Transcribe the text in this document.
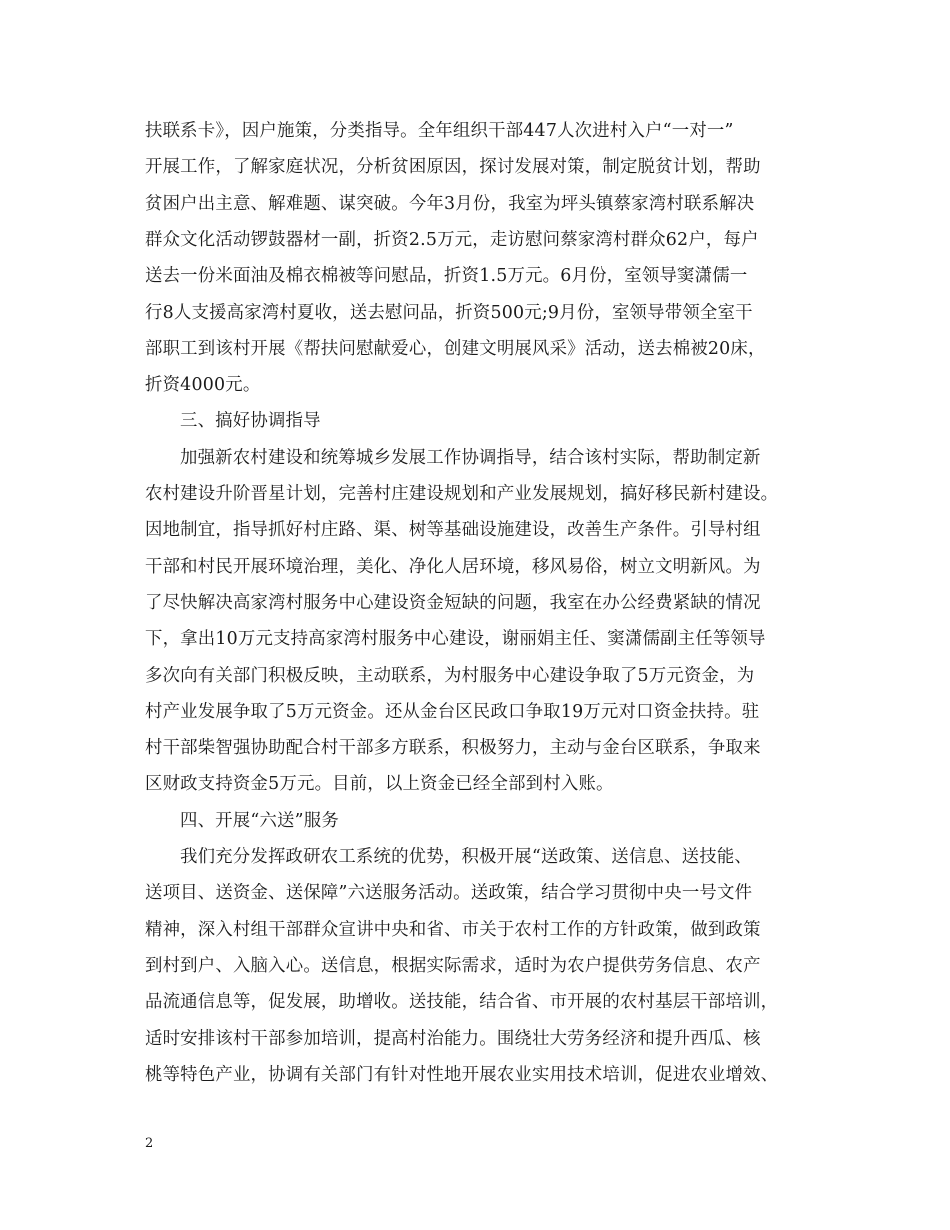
扶联系卡》，因户施策，分类指导。全年组织干部447人次进村入户“一对一”
开展工作，了解家庭状况，分析贫困原因，探讨发展对策，制定脱贫计划，帮助
贫困户出主意、解难题、谋突破。今年3月份，我室为坪头镇蔡家湾村联系解决
群众文化活动锣鼓器材一副，折资2.5万元，走访慰问蔡家湾村群众62户，每户
送去一份米面油及棉衣棉被等问慰品，折资1.5万元。6月份，室领导窦潇儒一
行8人支援高家湾村夏收，送去慰问品，折资500元;9月份，室领导带领全室干
部职工到该村开展《帮扶问慰献爱心，创建文明展风采》活动，送去棉被20床，
折资4000元。
三、搞好协调指导
加强新农村建设和统筹城乡发展工作协调指导，结合该村实际，帮助制定新
农村建设升阶晋星计划，完善村庄建设规划和产业发展规划，搞好移民新村建设。
因地制宜，指导抓好村庄路、渠、树等基础设施建设，改善生产条件。引导村组
干部和村民开展环境治理，美化、净化人居环境，移风易俗，树立文明新风。为
了尽快解决高家湾村服务中心建设资金短缺的问题，我室在办公经费紧缺的情况
下，拿出10万元支持高家湾村服务中心建设，谢丽娟主任、窦潇儒副主任等领导
多次向有关部门积极反映，主动联系，为村服务中心建设争取了5万元资金，为
村产业发展争取了5万元资金。还从金台区民政口争取19万元对口资金扶持。驻
村干部柴智强协助配合村干部多方联系，积极努力，主动与金台区联系，争取来
区财政支持资金5万元。目前，以上资金已经全部到村入账。
四、开展“六送”服务
我们充分发挥政研农工系统的优势，积极开展“送政策、送信息、送技能、
送项目、送资金、送保障”六送服务活动。送政策，结合学习贯彻中央一号文件
精神，深入村组干部群众宣讲中央和省、市关于农村工作的方针政策，做到政策
到村到户、入脑入心。送信息，根据实际需求，适时为农户提供劳务信息、农产
品流通信息等，促发展，助增收。送技能，结合省、市开展的农村基层干部培训，
适时安排该村干部参加培训，提高村治能力。围绕壮大劳务经济和提升西瓜、核
桃等特色产业，协调有关部门有针对性地开展农业实用技术培训，促进农业增效、
2
